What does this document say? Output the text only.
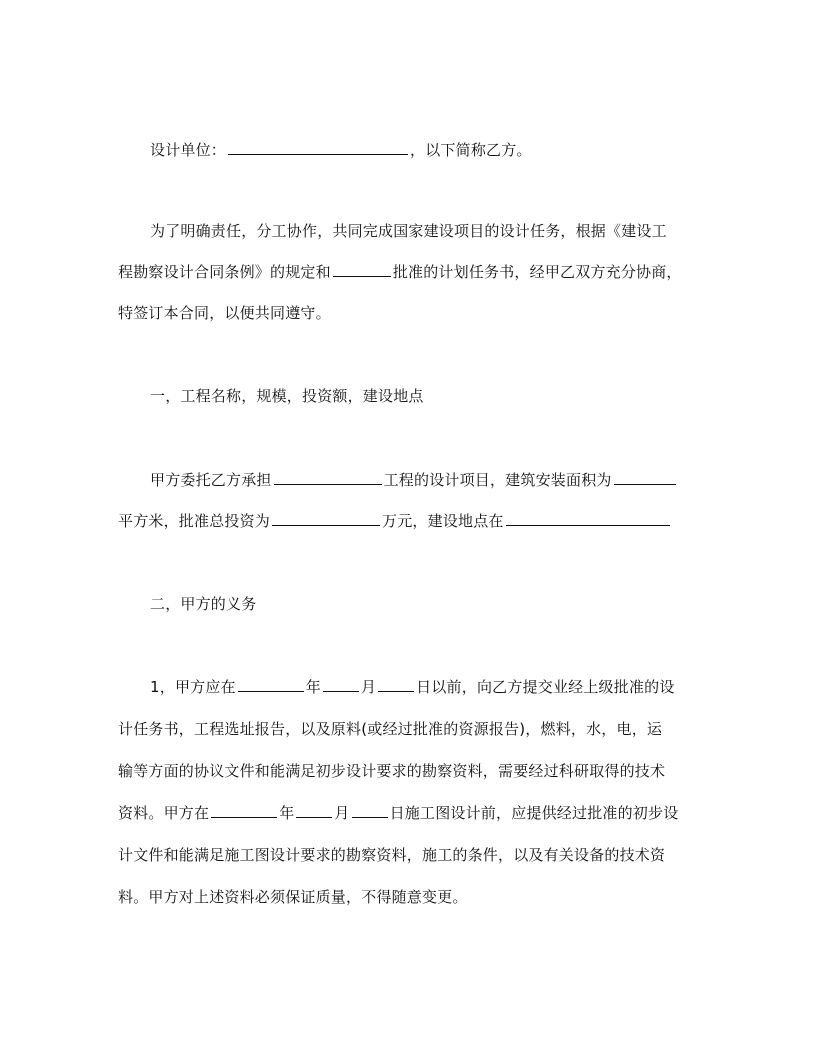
设计单位：	，以下简称乙方。
为了明确责任，分工协作，共同完成国家建设项目的设计任务，根据《建设工
程勘察设计合同条例》的规定和	批准的计划任务书，经甲乙双方充分协商，
特签订本合同，以便共同遵守。
一，工程名称，规模，投资额，建设地点
甲方委托乙方承担	工程的设计项目，建筑安装面积为
平方米，批准总投资为	万元，建设地点在
二，甲方的义务
1，甲方应在	年	月	日以前，向乙方提交业经上级批准的设
计任务书，工程选址报告，以及原料(或经过批准的资源报告)，燃料，水，电，运
输等方面的协议文件和能满足初步设计要求的勘察资料，需要经过科研取得的技术
资料。甲方在	年	月	日施工图设计前，应提供经过批准的初步设
计文件和能满足施工图设计要求的勘察资料，施工的条件，以及有关设备的技术资
料。甲方对上述资料必须保证质量，不得随意变更。
